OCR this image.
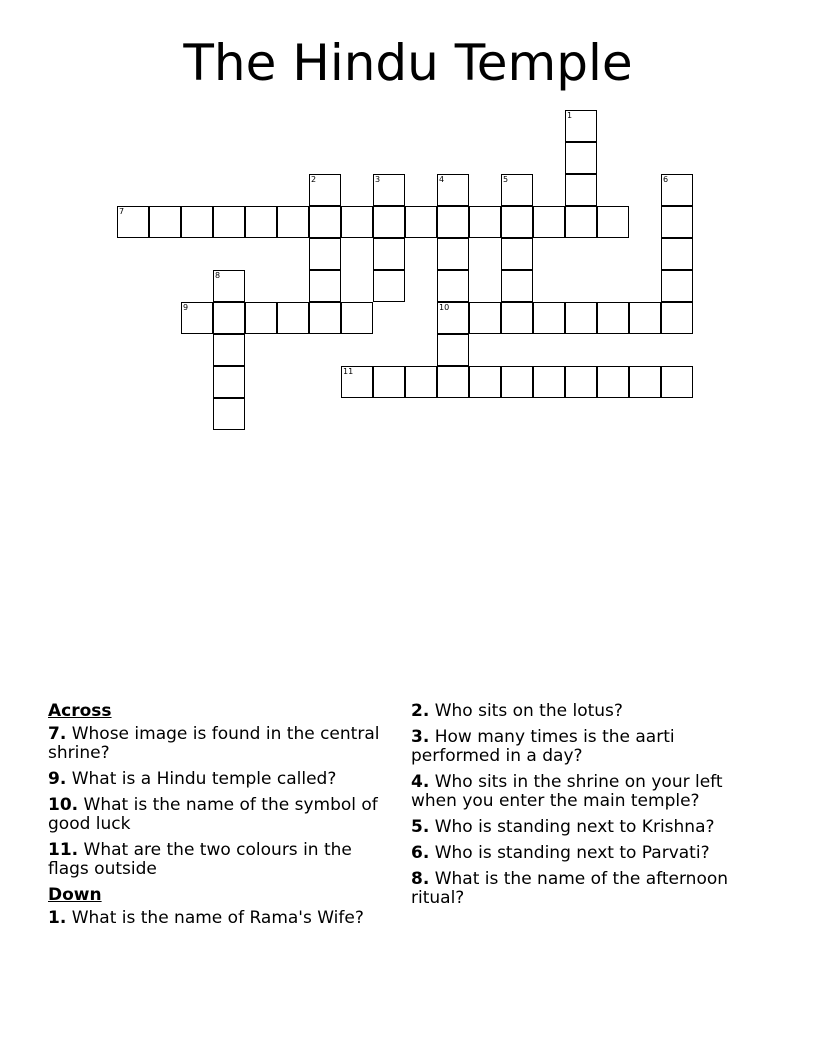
The Hindu Temple
7
9	10
11
1
2	3	4	5	6
8
Across
7. Whose image is found in the central shrine?
9. What is a Hindu temple called?
10. What is the name of the symbol of good luck
11. What are the two colours in the flags outside
Down
1. What is the name of Rama's Wife?
2. Who sits on the lotus?
3. How many times is the aarti performed in a day?
4. Who sits in the shrine on your left when you enter the main temple?
5. Who is standing next to Krishna?
6. Who is standing next to Parvati?
8. What is the name of the afternoon ritual?
